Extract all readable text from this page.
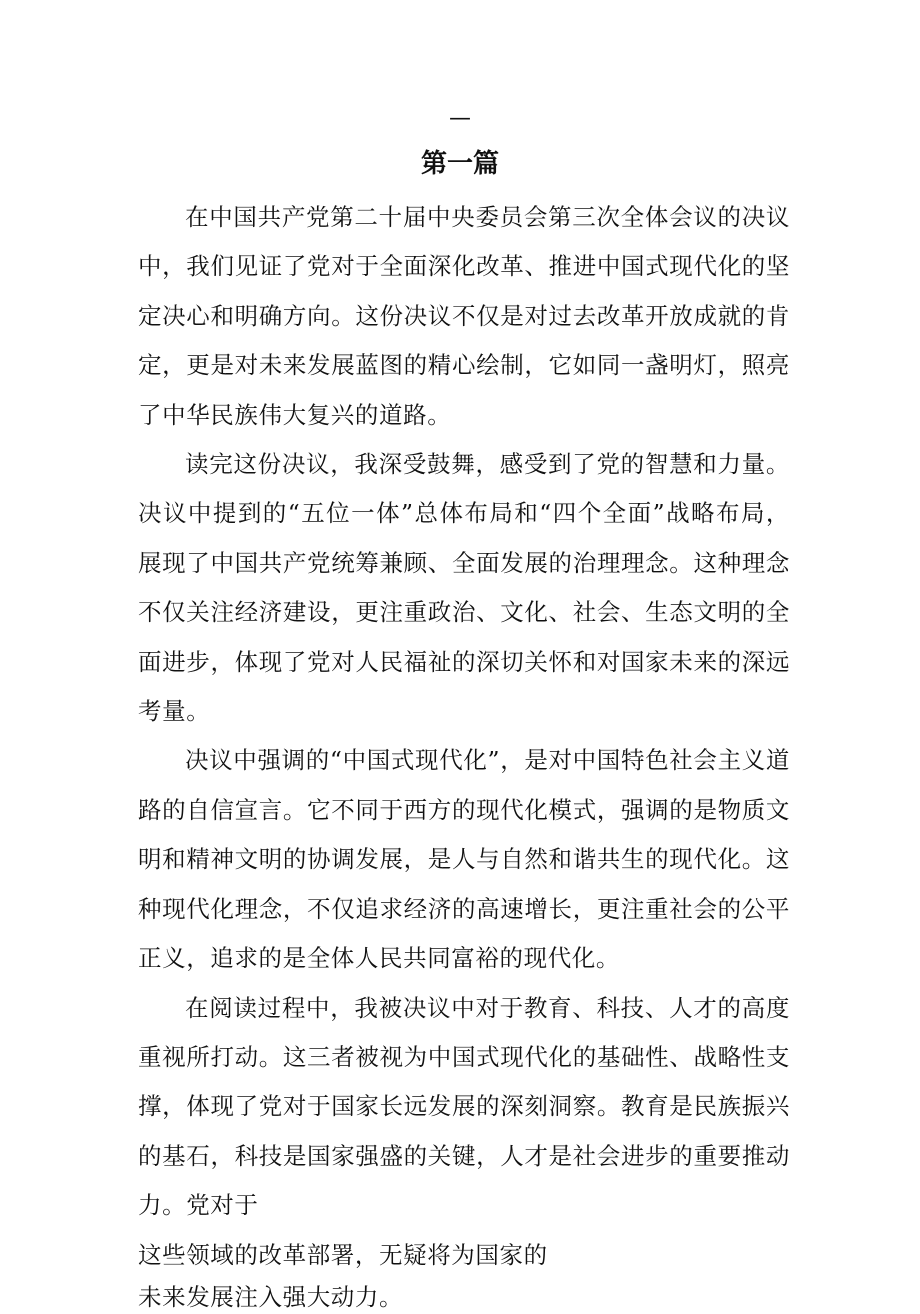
—
第一篇

在中国共产党第二十届中央委员会第三次全体会议的决议中，我们见证了党对于全面深化改革、推进中国式现代化的坚定决心和明确方向。这份决议不仅是对过去改革开放成就的肯定，更是对未来发展蓝图的精心绘制，它如同一盏明灯，照亮了中华民族伟大复兴的道路。

读完这份决议，我深受鼓舞，感受到了党的智慧和力量。决议中提到的“五位一体”总体布局和“四个全面”战略布局，展现了中国共产党统筹兼顾、全面发展的治理理念。这种理念不仅关注经济建设，更注重政治、文化、社会、生态文明的全面进步，体现了党对人民福祉的深切关怀和对国家未来的深远考量。

决议中强调的“中国式现代化”，是对中国特色社会主义道路的自信宣言。它不同于西方的现代化模式，强调的是物质文明和精神文明的协调发展，是人与自然和谐共生的现代化。这种现代化理念，不仅追求经济的高速增长，更注重社会的公平正义，追求的是全体人民共同富裕的现代化。

在阅读过程中，我被决议中对于教育、科技、人才的高度重视所打动。这三者被视为中国式现代化的基础性、战略性支撑，体现了党对于国家长远发展的深刻洞察。教育是民族振兴的基石，科技是国家强盛的关键，人才是社会进步的重要推动力。党对于

这些领域的改革部署，无疑将为国家的

未来发展注入强大动力。
